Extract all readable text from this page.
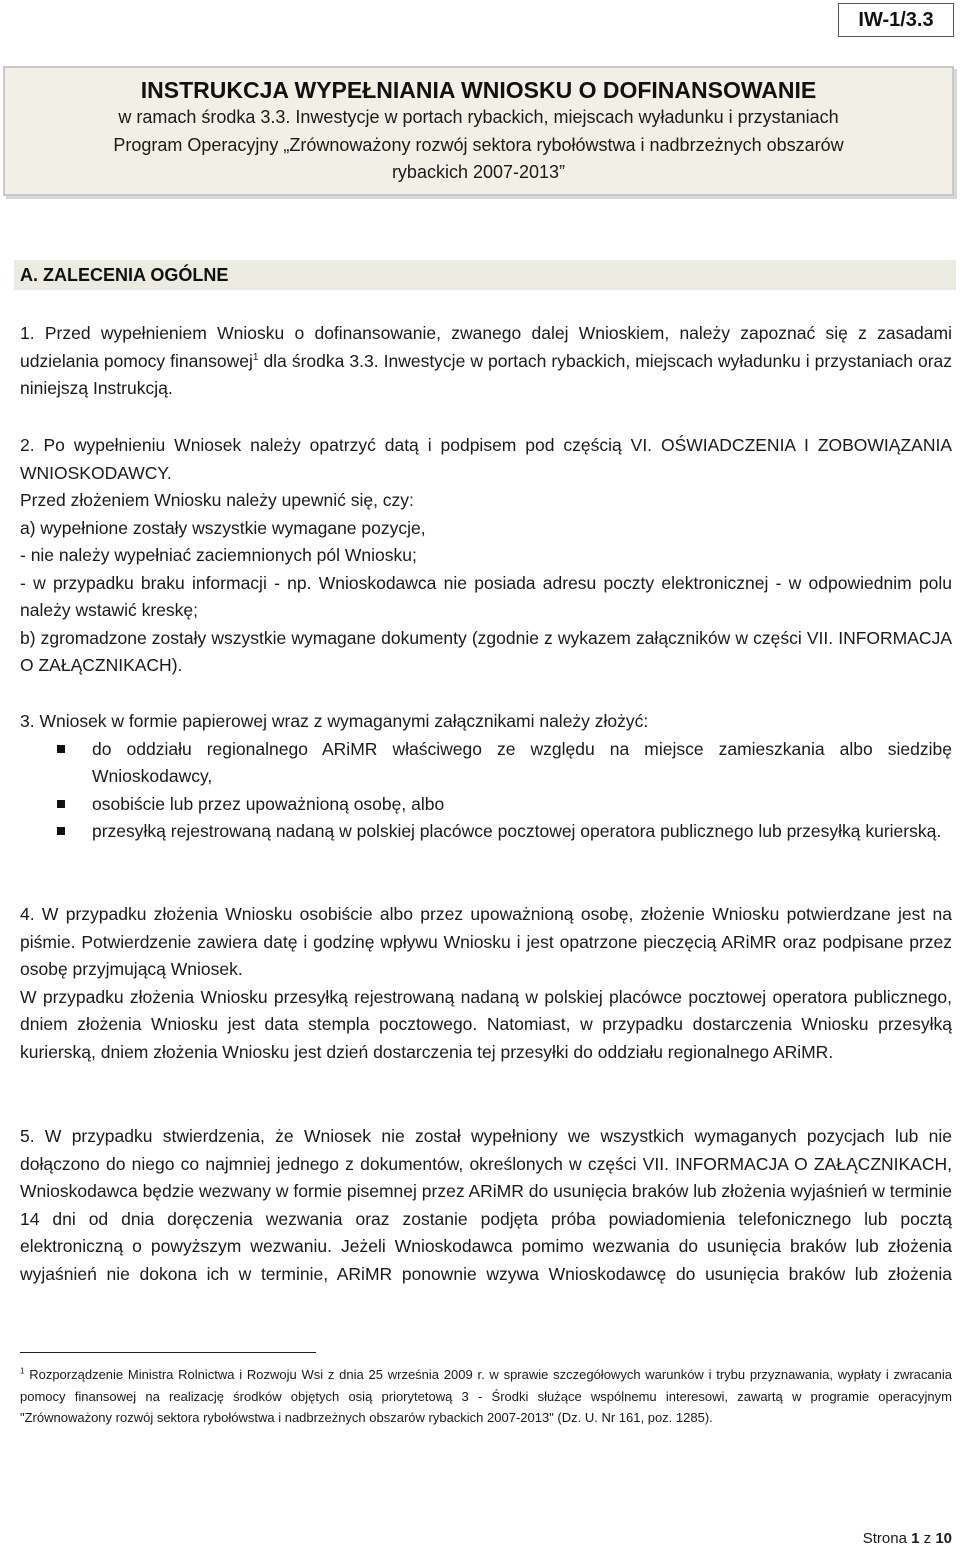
IW-1/3.3
INSTRUKCJA WYPEŁNIANIA WNIOSKU O DOFINANSOWANIE
w ramach środka 3.3. Inwestycje w portach rybackich, miejscach wyładunku i przystaniach
Program Operacyjny „Zrównoważony rozwój sektora rybołówstwa i nadbrzeżnych obszarów
rybackich 2007-2013”
A. ZALECENIA OGÓLNE
1. Przed wypełnieniem Wniosku o dofinansowanie, zwanego dalej Wnioskiem, należy zapoznać się z zasadami udzielania pomocy finansowej$^1$ dla środka 3.3. Inwestycje w portach rybackich, miejscach wyładunku i przystaniach oraz niniejszą Instrukcją.
2. Po wypełnieniu Wniosek należy opatrzyć datą i podpisem pod częścią VI. OŚWIADCZENIA I ZOBOWIĄZANIA WNIOSKODAWCY.
Przed złożeniem Wniosku należy upewnić się, czy:
a) wypełnione zostały wszystkie wymagane pozycje,
- nie należy wypełniać zaciemnionych pól Wniosku;
- w przypadku braku informacji - np. Wnioskodawca nie posiada adresu poczty elektronicznej - w odpowiednim polu należy wstawić kreskę;
b) zgromadzone zostały wszystkie wymagane dokumenty (zgodnie z wykazem załączników w części VII. INFORMACJA O ZAŁĄCZNIKACH).
3. Wniosek w formie papierowej wraz z wymaganymi załącznikami należy złożyć:
do oddziału regionalnego ARiMR właściwego ze względu na miejsce zamieszkania albo siedzibę Wnioskodawcy,
osobiście lub przez upoważnioną osobę, albo
przesyłką rejestrowaną nadaną w polskiej placówce pocztowej operatora publicznego lub przesyłką kurierską.
4. W przypadku złożenia Wniosku osobiście albo przez upoważnioną osobę, złożenie Wniosku potwierdzane jest na piśmie. Potwierdzenie zawiera datę i godzinę wpływu Wniosku i jest opatrzone pieczęcią ARiMR oraz podpisane przez osobę przyjmującą Wniosek.
W przypadku złożenia Wniosku przesyłką rejestrowaną nadaną w polskiej placówce pocztowej operatora publicznego, dniem złożenia Wniosku jest data stempla pocztowego. Natomiast, w przypadku dostarczenia Wniosku przesyłką kurierską, dniem złożenia Wniosku jest dzień dostarczenia tej przesyłki do oddziału regionalnego ARiMR.
5. W przypadku stwierdzenia, że Wniosek nie został wypełniony we wszystkich wymaganych pozycjach lub nie dołączono do niego co najmniej jednego z dokumentów, określonych w części VII. INFORMACJA O ZAŁĄCZNIKACH, Wnioskodawca będzie wezwany w formie pisemnej przez ARiMR do usunięcia braków lub złożenia wyjaśnień w terminie 14 dni od dnia doręczenia wezwania oraz zostanie podjęta próba powiadomienia telefonicznego lub pocztą elektroniczną o powyższym wezwaniu. Jeżeli Wnioskodawca pomimo wezwania do usunięcia braków lub złożenia wyjaśnień nie dokona ich w terminie, ARiMR ponownie wzywa Wnioskodawcę do usunięcia braków lub złożenia
$^1$ Rozporządzenie Ministra Rolnictwa i Rozwoju Wsi z dnia 25 września 2009 r. w sprawie szczegółowych warunków i trybu przyznawania, wypłaty i zwracania pomocy finansowej na realizację środków objętych osią priorytetową 3 - Środki służące wspólnemu interesowi, zawartą w programie operacyjnym "Zrównoważony rozwój sektora rybołówstwa i nadbrzeżnych obszarów rybackich 2007-2013" (Dz. U. Nr 161, poz. 1285).
Strona 1 z 10
